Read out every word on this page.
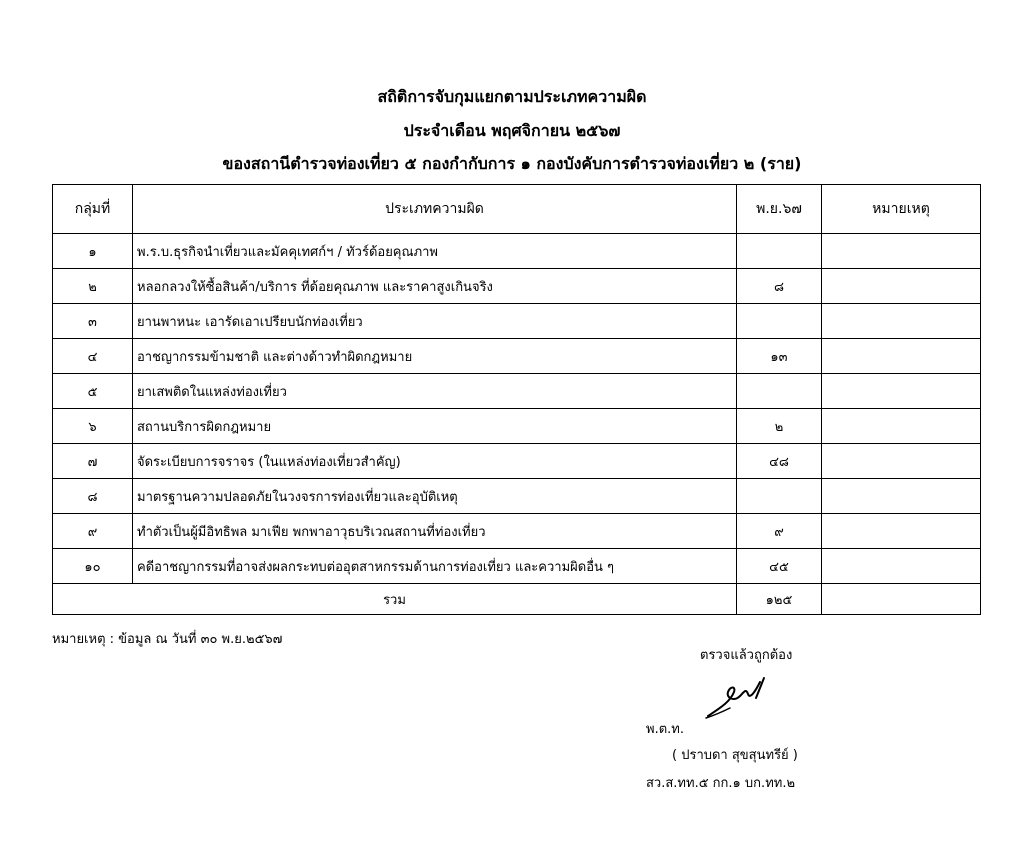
สถิติการจับกุมแยกตามประเภทความผิด
ประจำเดือน พฤศจิกายน ๒๕๖๗
ของสถานีตำรวจท่องเที่ยว ๕ กองกำกับการ ๑ กองบังคับการตำรวจท่องเที่ยว ๒ (ราย)
กลุ่มที่	ประเภทความผิด	พ.ย.๖๗	หมายเหตุ
๑	พ.ร.บ.ธุรกิจนำเที่ยวและมัคคุเทศก์ฯ / ทัวร์ด้อยคุณภาพ		
๒	หลอกลวงให้ซื้อสินค้า/บริการ ที่ด้อยคุณภาพ และราคาสูงเกินจริง	๘	
๓	ยานพาหนะ เอารัดเอาเปรียบนักท่องเที่ยว		
๔	อาชญากรรมข้ามชาติ และต่างด้าวทำผิดกฎหมาย	๑๓	
๕	ยาเสพติดในแหล่งท่องเที่ยว		
๖	สถานบริการผิดกฎหมาย	๒	
๗	จัดระเบียบการจราจร (ในแหล่งท่องเที่ยวสำคัญ)	๔๘	
๘	มาตรฐานความปลอดภัยในวงจรการท่องเที่ยวและอุบัติเหตุ		
๙	ทำตัวเป็นผู้มีอิทธิพล มาเฟีย พกพาอาวุธบริเวณสถานที่ท่องเที่ยว	๙	
๑๐	คดีอาชญากรรมที่อาจส่งผลกระทบต่ออุตสาหกรรมด้านการท่องเที่ยว และความผิดอื่น ๆ	๔๕	
รวม		๑๒๕	
หมายเหตุ : ข้อมูล ณ วันที่ ๓๐ พ.ย.๒๕๖๗
ตรวจแล้วถูกต้อง
พ.ต.ท.
( ปราบดา สุขสุนทรีย์ )
สว.ส.ทท.๕ กก.๑ บก.ทท.๒
